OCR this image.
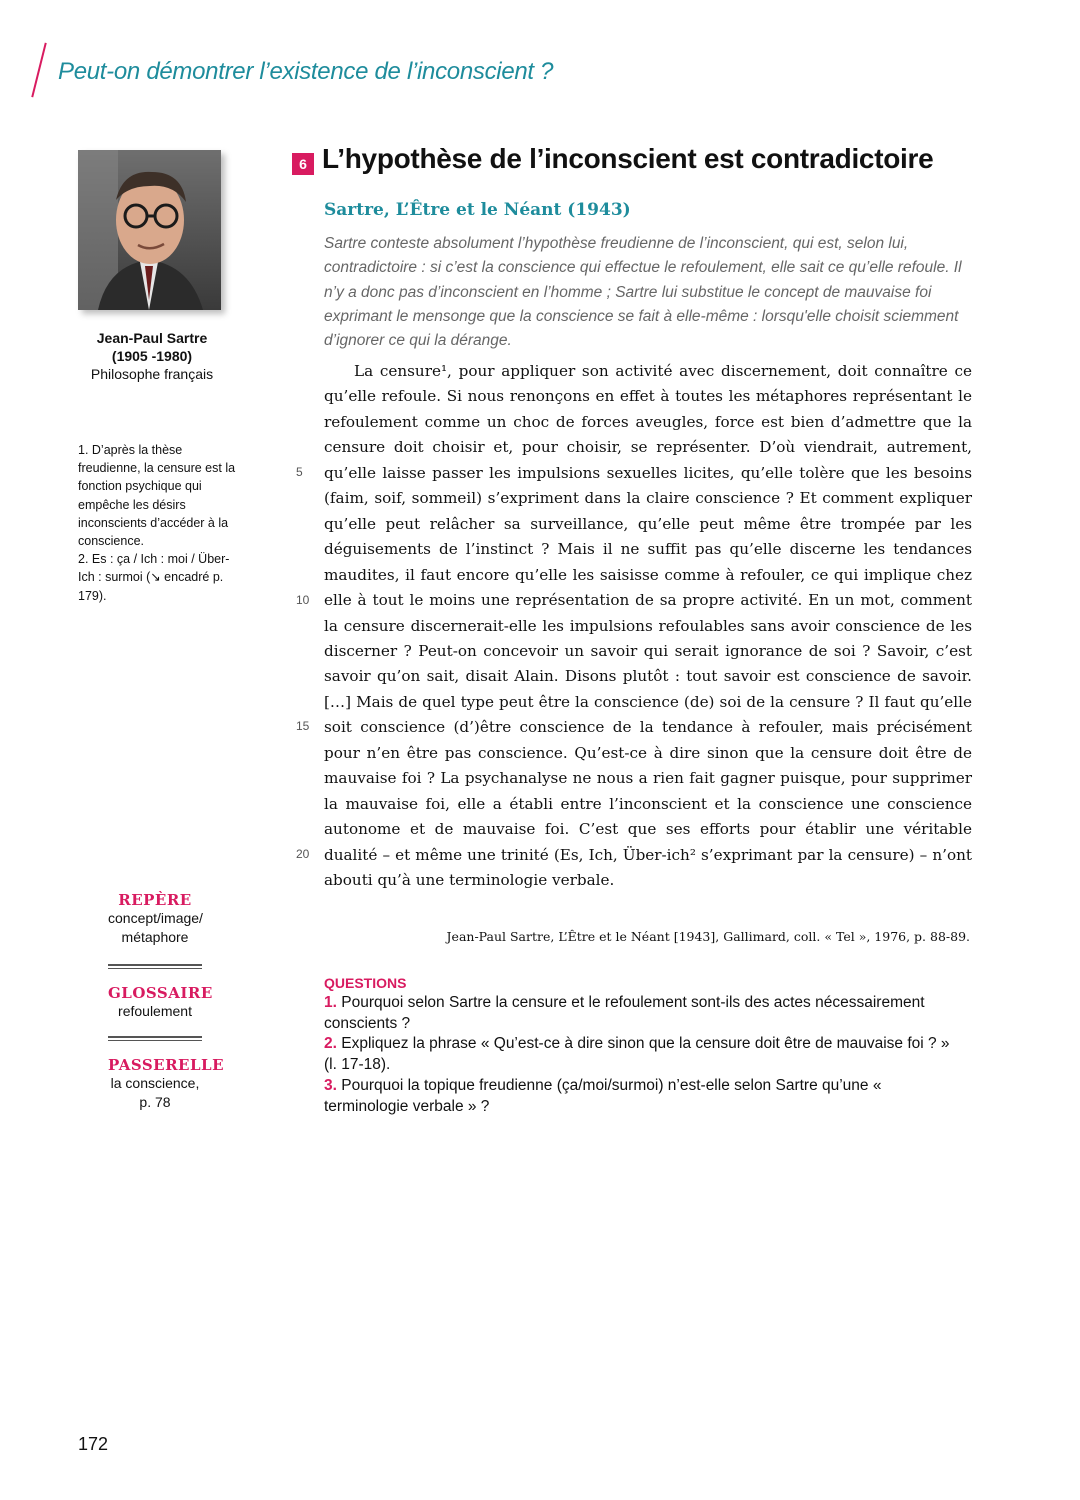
Peut-on démontrer l’existence de l’inconscient ?
Jean-Paul Sartre
(1905 -1980)
Philosophe français

1. D’après la thèse freudienne, la censure est la fonction psychique qui empêche les désirs inconscients d’accéder à la conscience.

2. Es : ça / Ich : moi / Über-Ich : surmoi (↘ encadré p. 179).

REPÈRE
concept/image/ métaphore
GLOSSAIRE
refoulement
PASSERELLE
la conscience, p. 78
6 L’hypothèse de l’inconscient est contradictoire
Sartre, L’Être et le Néant (1943)
Sartre conteste absolument l’hypothèse freudienne de l’inconscient, qui est, selon lui, contradictoire : si c’est la conscience qui effectue le refoulement, elle sait ce qu’elle refoule. Il n’y a donc pas d’inconscient en l’homme ; Sartre lui substitue le concept de mauvaise foi exprimant le mensonge que la conscience se fait à elle-même : lorsqu'elle choisit sciemment d’ignorer ce qui la dérange.

La censure¹, pour appliquer son activité avec discernement, doit connaître ce qu’elle refoule. Si nous renonçons en effet à toutes les métaphores représentant le refoulement comme un choc de forces aveugles, force est bien d’admettre que la censure doit choisir et, pour choisir, se représenter. D’où viendrait, autrement, qu’elle laisse passer les impulsions sexuelles licites, qu’elle tolère que les besoins (faim, soif, sommeil) s’expriment dans la claire conscience ? Et comment expliquer qu’elle peut relâcher sa surveillance, qu’elle peut même être trompée par les déguisements de l’instinct ? Mais il ne suffit pas qu’elle discerne les tendances maudites, il faut encore qu’elle les saisisse comme à refouler, ce qui implique chez elle à tout le moins une représentation de sa propre activité. En un mot, comment la censure discernerait-elle les impulsions refoulables sans avoir conscience de les discerner ? Peut-on concevoir un savoir qui serait ignorance de soi ? Savoir, c’est savoir qu’on sait, disait Alain. Disons plutôt : tout savoir est conscience de savoir. […] Mais de quel type peut être la conscience (de) soi de la censure ? Il faut qu’elle soit conscience (d’)être conscience de la tendance à refouler, mais précisément pour n’en être pas conscience. Qu’est-ce à dire sinon que la censure doit être de mauvaise foi ? La psychanalyse ne nous a rien fait gagner puisque, pour supprimer la mauvaise foi, elle a établi entre l’inconscient et la conscience une conscience autonome et de mauvaise foi. C’est que ses efforts pour établir une véritable dualité – et même une trinité (Es, Ich, Über-ich² s’exprimant par la censure) – n’ont abouti qu’à une terminologie verbale.

5
10
15
20
Jean-Paul Sartre, L’Être et le Néant [1943], Gallimard, coll. « Tel », 1976, p. 88-89.
QUESTIONS

1. Pourquoi selon Sartre la censure et le refoulement sont-ils des actes nécessairement conscients ?

2. Expliquez la phrase « Qu’est-ce à dire sinon que la censure doit être de mauvaise foi ? » (l. 17-18).

3. Pourquoi la topique freudienne (ça/moi/surmoi) n’est-elle selon Sartre qu’une « terminologie verbale » ?

172
